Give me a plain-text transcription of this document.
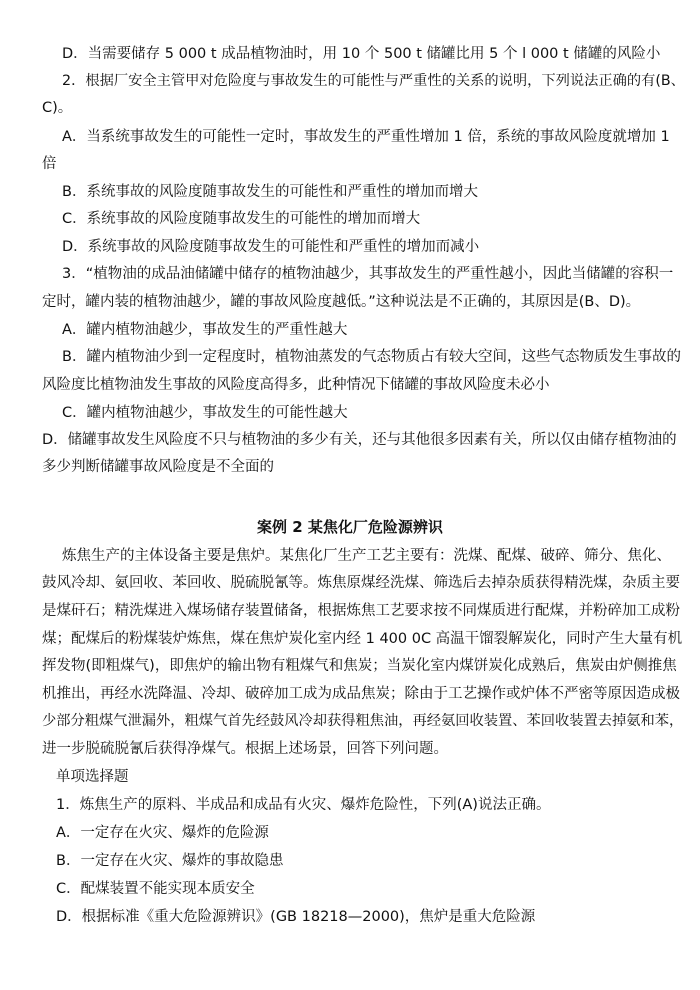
D．当需要储存 5 000 t 成品植物油时，用 10 个 500 t 储罐比用 5 个 l 000 t 储罐的风险小
2．根据厂安全主管甲对危险度与事故发生的可能性与严重性的关系的说明，下列说法正确的有(B、
C)。
A．当系统事故发生的可能性一定时，事故发生的严重性增加 1 倍，系统的事故风险度就增加 1
倍
B．系统事故的风险度随事故发生的可能性和严重性的增加而增大
C．系统事故的风险度随事故发生的可能性的增加而增大
D．系统事故的风险度随事故发生的可能性和严重性的增加而减小
3．“植物油的成品油储罐中储存的植物油越少，其事故发生的严重性越小，因此当储罐的容积一
定时，罐内装的植物油越少，罐的事故风险度越低。”这种说法是不正确的，其原因是(B、D)。
A．罐内植物油越少，事故发生的严重性越大
B．罐内植物油少到一定程度时，植物油蒸发的气态物质占有较大空间，这些气态物质发生事故的
风险度比植物油发生事故的风险度高得多，此种情况下储罐的事故风险度未必小
C．罐内植物油越少，事故发生的可能性越大
D．储罐事故发生风险度不只与植物油的多少有关，还与其他很多因素有关，所以仅由储存植物油的
多少判断储罐事故风险度是不全面的
案例 2 某焦化厂危险源辨识
炼焦生产的主体设备主要是焦炉。某焦化厂生产工艺主要有：洗煤、配煤、破碎、筛分、焦化、
鼓风冷却、氨回收、苯回收、脱硫脱氰等。炼焦原煤经洗煤、筛选后去掉杂质获得精洗煤，杂质主要
是煤矸石；精洗煤进入煤场储存装置储备，根据炼焦工艺要求按不同煤质进行配煤，并粉碎加工成粉
煤；配煤后的粉煤装炉炼焦，煤在焦炉炭化室内经 1 400 0C 高温干馏裂解炭化，同时产生大量有机
挥发物(即粗煤气)，即焦炉的输出物有粗煤气和焦炭；当炭化室内煤饼炭化成熟后，焦炭由炉侧推焦
机推出，再经水洗降温、冷却、破碎加工成为成品焦炭；除由于工艺操作或炉体不严密等原因造成极
少部分粗煤气泄漏外，粗煤气首先经鼓风冷却获得粗焦油，再经氨回收装置、苯回收装置去掉氨和苯，
进一步脱硫脱氰后获得净煤气。根据上述场景，回答下列问题。
单项选择题
1．炼焦生产的原料、半成品和成品有火灾、爆炸危险性，下列(A)说法正确。
A．一定存在火灾、爆炸的危险源
B．一定存在火灾、爆炸的事故隐患
C．配煤装置不能实现本质安全
D．根据标准《重大危险源辨识》(GB 18218—2000)，焦炉是重大危险源
